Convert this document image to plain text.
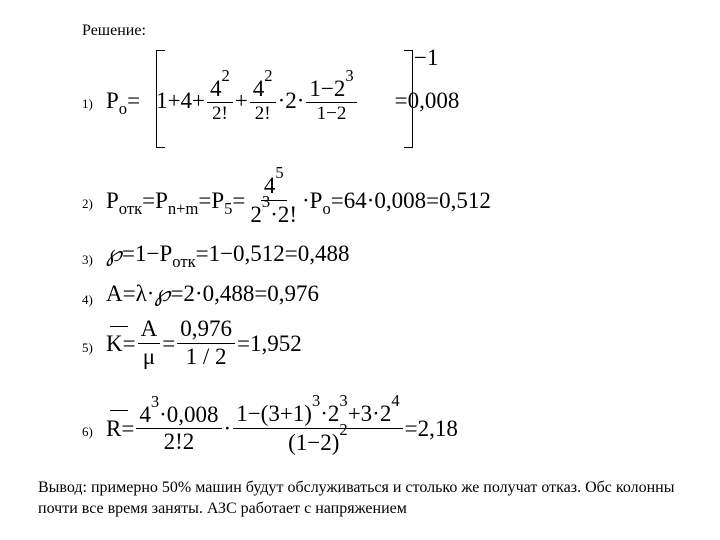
Решение:
1) $P_o = 1+4+ \frac{4^2}{2!} + \frac{4^2}{2!} \cdot 2\cdot \frac{1-2^3}{1-2} =0,008$
−1
2) $P_{отк} =P_{n+m} =P_5 = \frac{4^5}{2^3\cdot 2!} \cdot P_o =64\cdot 0,008=0,512$
3) $℘=1-P_{отк}=1-0,512=0,488$
4) A=λ·℘=2·0,488=0,976
5) $K = \frac{A}{\mu} = \frac{0,976}{1 / 2} =1,952$
6) $R = \frac{4^3\cdot 0,008}{2!2} \cdot \frac{1-(3+1)^3\cdot 2^3+3\cdot 2^4}{(1-2)^2} =2,18$
Вывод: примерно 50% машин будут обслуживаться и столько же получат отказ. Обс колонны почти все время заняты. АЗС работает с напряжением
